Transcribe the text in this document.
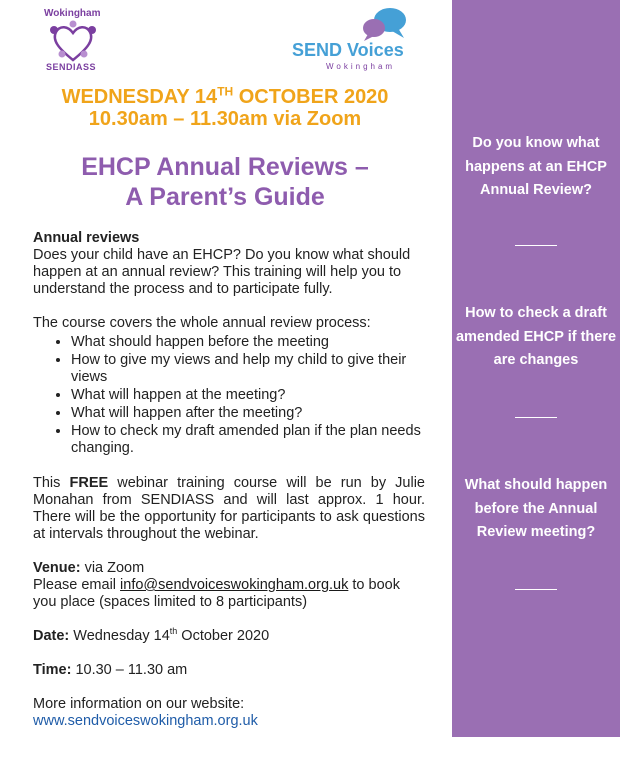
Wokingham
SENDIASS
SEND Voices
Wokingham
WEDNESDAY 14TH OCTOBER 2020
10.30am – 11.30am via Zoom
EHCP Annual Reviews –
A Parent’s Guide

Annual reviews

Does your child have an EHCP? Do you know what should happen at an annual review? This training will help you to understand the process and to participate fully.

The course covers the whole annual review process:

• What should happen before the meeting
• How to give my views and help my child to give their views
• What will happen at the meeting?
• What will happen after the meeting?
• How to check my draft amended plan if the plan needs changing.

This FREE webinar training course will be run by Julie Monahan from SENDIASS and will last approx. 1 hour. There will be the opportunity for participants to ask questions at intervals throughout the webinar.

Venue: via Zoom

Please email info@sendvoiceswokingham.org.uk to book you place (spaces limited to 8 participants)

Date: Wednesday 14th October 2020

Time: 10.30 – 11.30 am

More information on our website:

www.sendvoiceswokingham.org.uk

Do you know what happens at an EHCP Annual Review?
How to check a draft amended EHCP if there are changes
What should happen before the Annual Review meeting?
